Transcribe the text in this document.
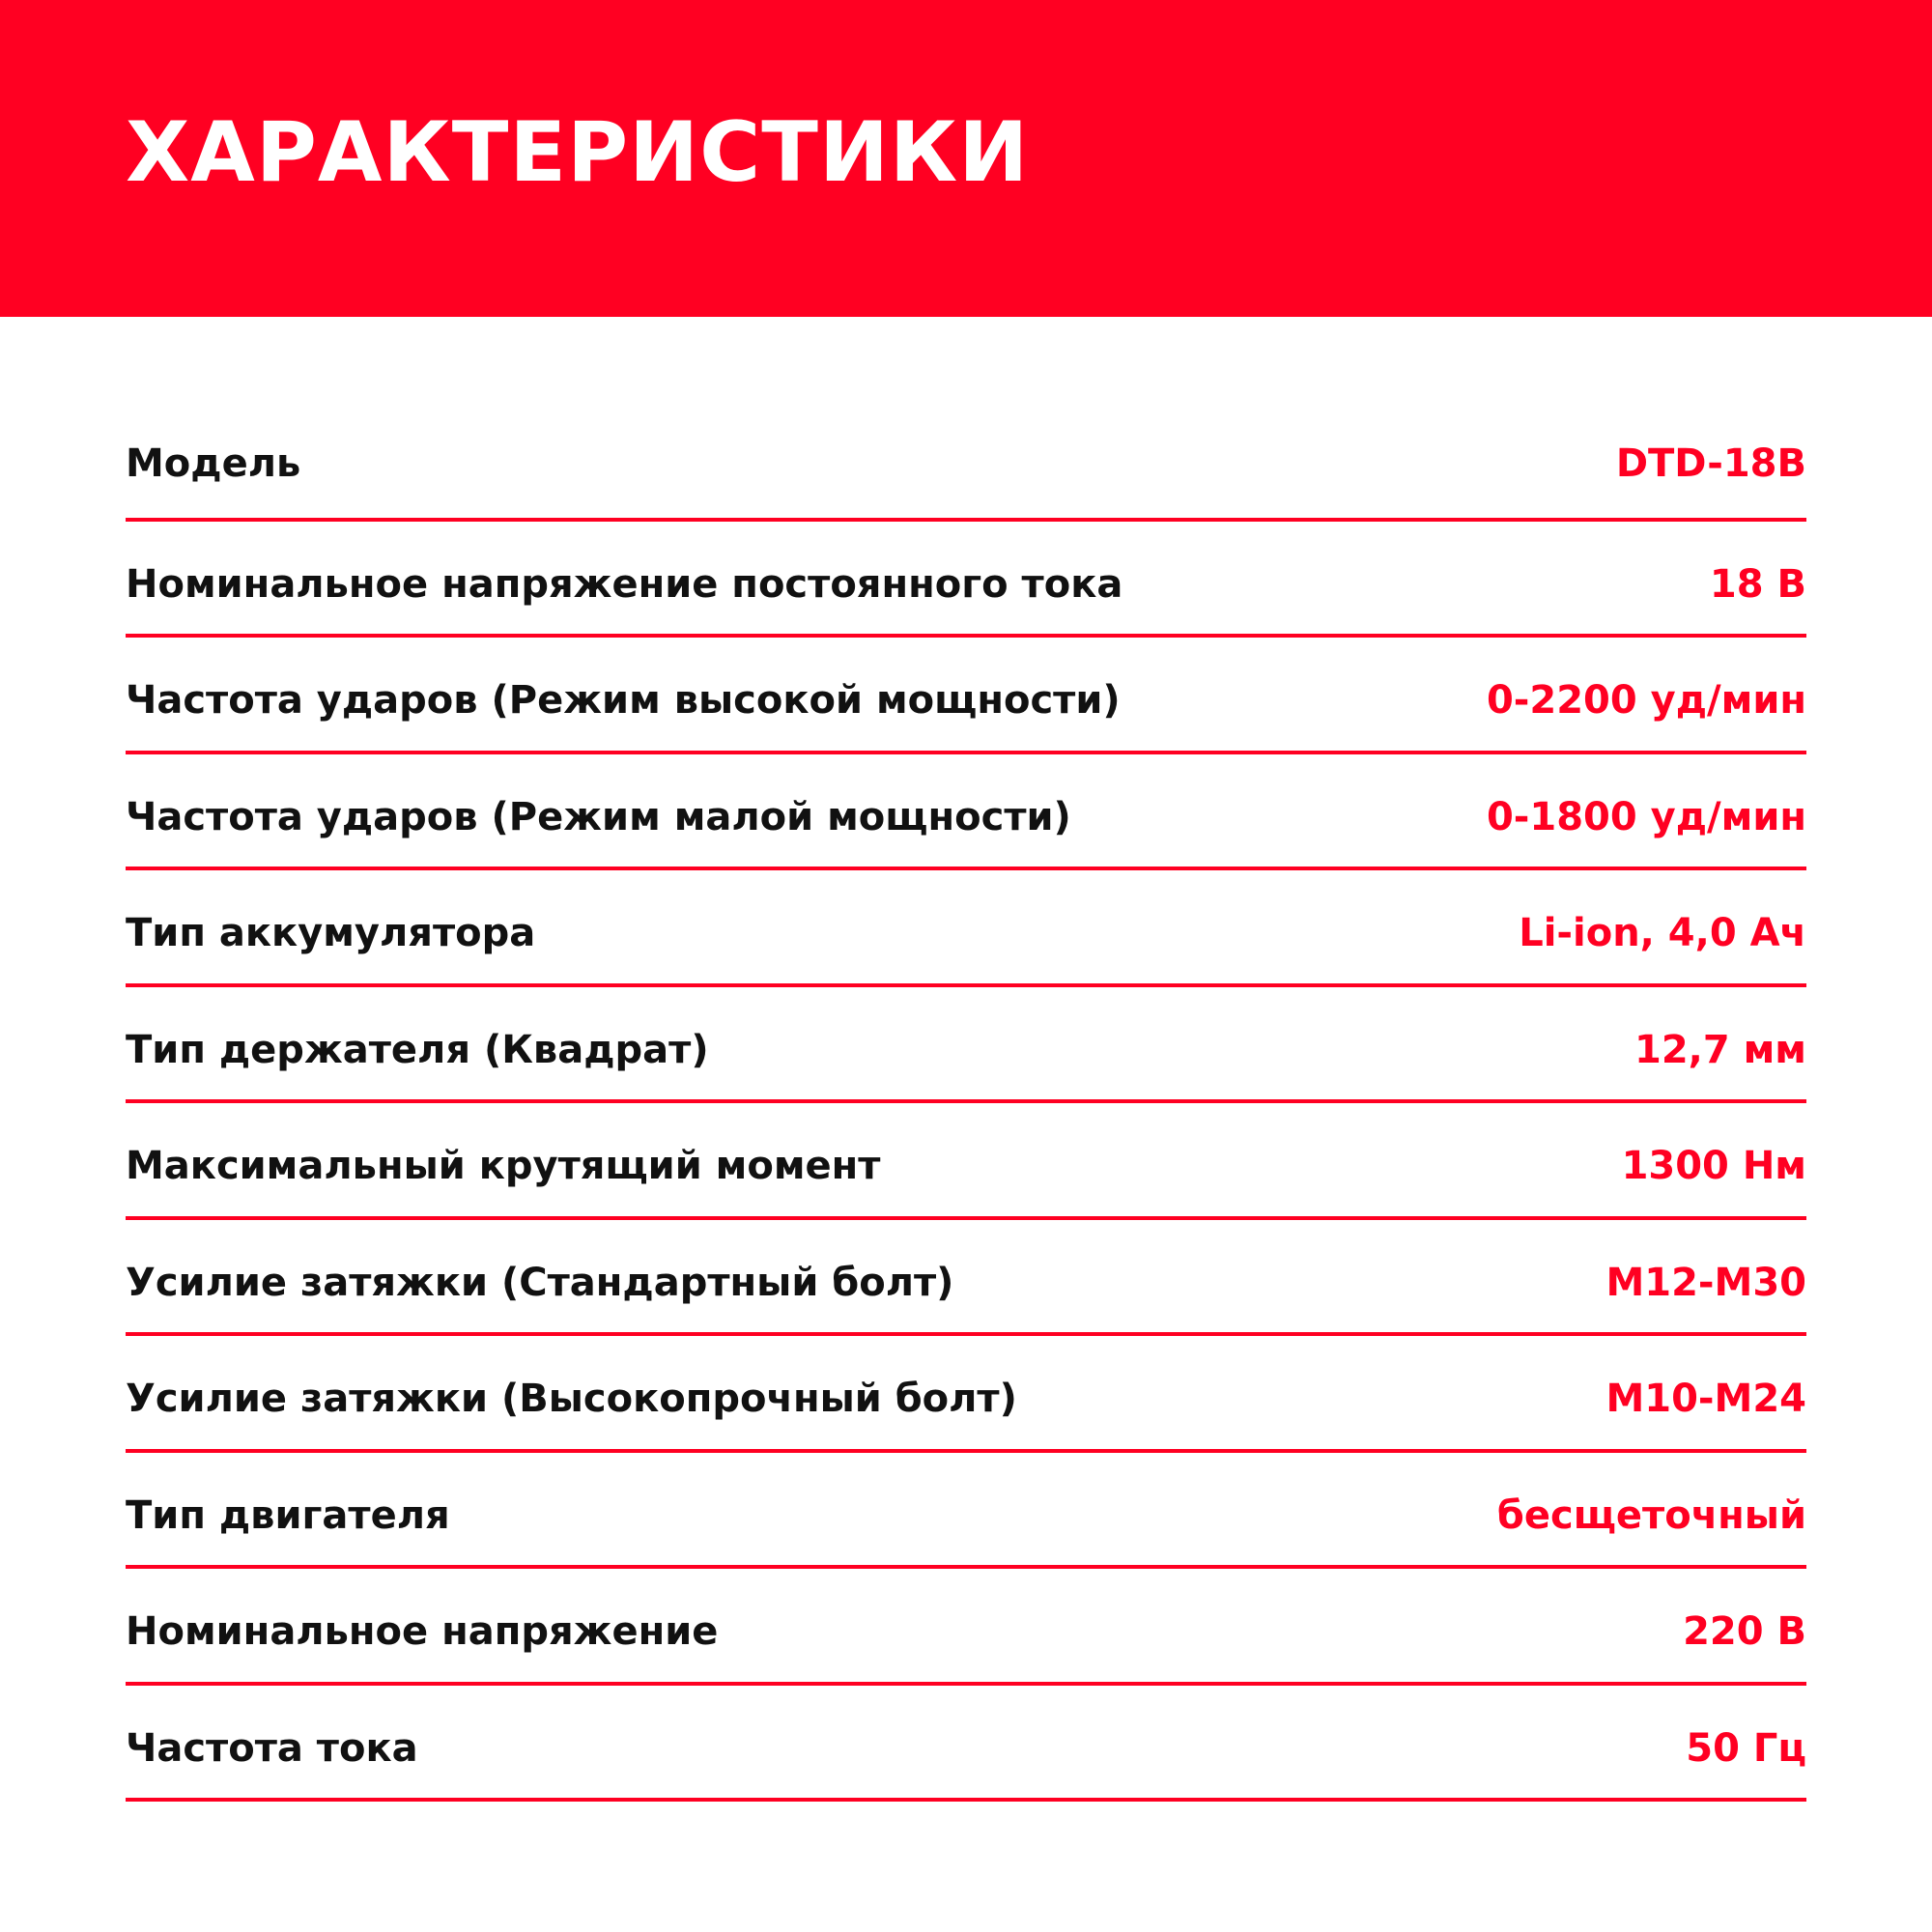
ХАРАКТЕРИСТИКИ
Модель	DTD-18B
Номинальное напряжение постоянного тока	18 В
Частота ударов (Режим высокой мощности)	0-2200 уд/мин
Частота ударов (Режим малой мощности)	0-1800 уд/мин
Тип аккумулятора	Li-ion, 4,0 Ач
Тип держателя (Квадрат)	12,7 мм
Максимальный крутящий момент	1300 Нм
Усилие затяжки (Стандартный болт)	М12-М30
Усилие затяжки (Высокопрочный болт)	М10-М24
Тип двигателя	бесщеточный
Номинальное напряжение	220 В
Частота тока	50 Гц
